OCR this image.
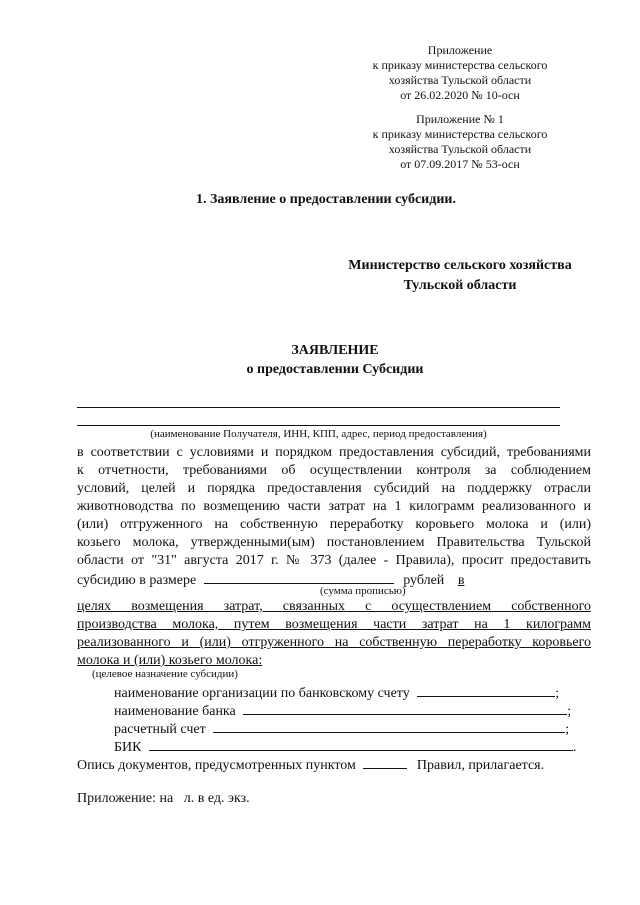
Приложение
к приказу министерства сельского
хозяйства Тульской области
от 26.02.2020 № 10-осн
Приложение № 1
к приказу министерства сельского
хозяйства Тульской области
от 07.09.2017 № 53-осн
1. Заявление о предоставлении субсидии.
Министерство сельского хозяйства
Тульской области
ЗАЯВЛЕНИЕ
о предоставлении Субсидии
(наименование Получателя, ИНН, КПП, адрес, период предоставления)
в соответствии с условиями и порядком предоставления субсидий, требованиями
к отчетности, требованиями об осуществлении контроля за соблюдением
условий, целей и порядка предоставления субсидий на поддержку отрасли
животноводства по возмещению части затрат на 1 килограмм реализованного и
(или) отгруженного на собственную переработку коровьего молока и (или)
козьего молока, утвержденными(ым) постановлением Правительства Тульской
области от "31" августа 2017 г. № 373 (далее - Правила), просит предоставить
субсидию в размере	рублей в
(сумма прописью)
целях возмещения затрат, связанных с осуществлением собственного
производства молока, путем возмещения части затрат на 1 килограмм
реализованного и (или) отгруженного на собственную переработку коровьего
молока и (или) козьего молока:
(целевое назначение субсидии)
наименование организации по банковскому счету	;
наименование банка	;
расчетный счет	;
БИК	.
Опись документов, предусмотренных пунктом	Правил, прилагается.
Приложение: на   л. в ед. экз.
